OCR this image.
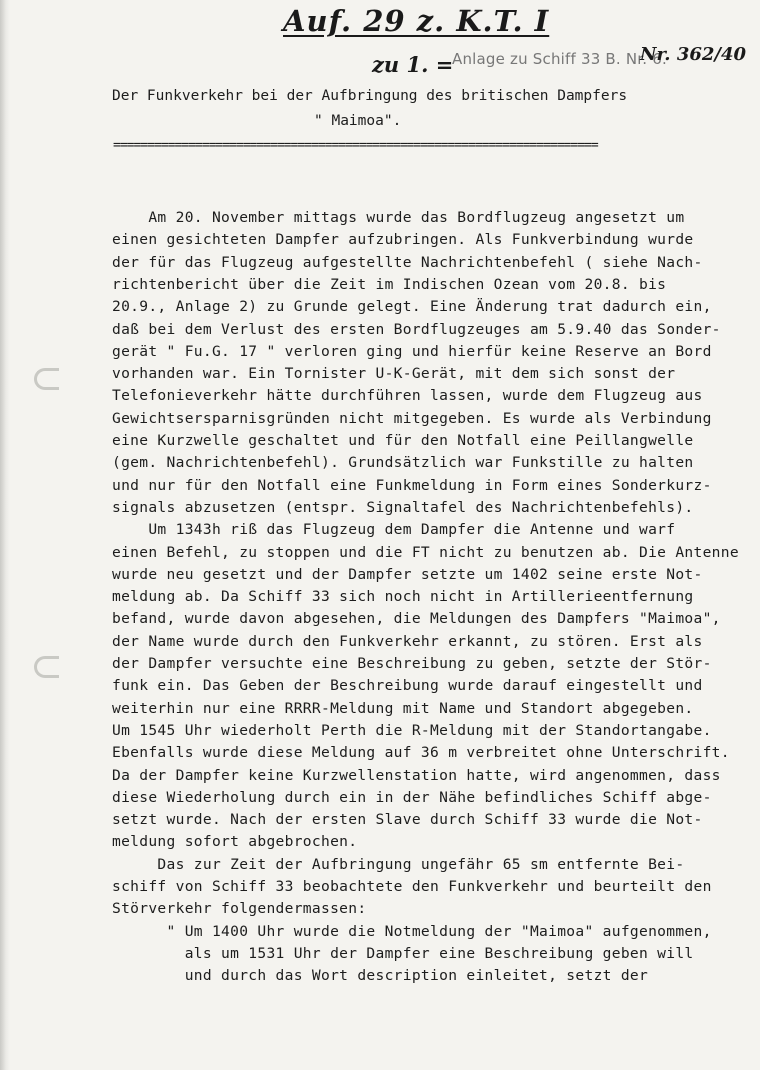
Auf. 29 z. K.T. I
zu 1. =
Anlage zu Schiff 33 B. Nr. 6.
Nr. 362/40
Der Funkverkehr bei der Aufbringung des britischen Dampfers
" Maimoa".
=======================================================================
Am 20. November mittags wurde das Bordflugzeug angesetzt um
einen gesichteten Dampfer aufzubringen. Als Funkverbindung wurde
der für das Flugzeug aufgestellte Nachrichtenbefehl ( siehe Nach-
richtenbericht über die Zeit im Indischen Ozean vom 20.8. bis
20.9., Anlage 2) zu Grunde gelegt. Eine Änderung trat dadurch ein,
daß bei dem Verlust des ersten Bordflugzeuges am 5.9.40 das Sonder-
gerät " Fu.G. 17 " verloren ging und hierfür keine Reserve an Bord
vorhanden war. Ein Tornister U-K-Gerät, mit dem sich sonst der
Telefonieverkehr hätte durchführen lassen, wurde dem Flugzeug aus
Gewichtsersparnisgründen nicht mitgegeben. Es wurde als Verbindung
eine Kurzwelle geschaltet und für den Notfall eine Peillangwelle
(gem. Nachrichtenbefehl). Grundsätzlich war Funkstille zu halten
und nur für den Notfall eine Funkmeldung in Form eines Sonderkurz-
signals abzusetzen (entspr. Signaltafel des Nachrichtenbefehls).
Um 1343h riß das Flugzeug dem Dampfer die Antenne und warf
einen Befehl, zu stoppen und die FT nicht zu benutzen ab. Die Antenne
wurde neu gesetzt und der Dampfer setzte um 1402 seine erste Not-
meldung ab. Da Schiff 33 sich noch nicht in Artillerieentfernung
befand, wurde davon abgesehen, die Meldungen des Dampfers "Maimoa",
der Name wurde durch den Funkverkehr erkannt, zu stören. Erst als
der Dampfer versuchte eine Beschreibung zu geben, setzte der Stör-
funk ein. Das Geben der Beschreibung wurde darauf eingestellt und
weiterhin nur eine RRRR-Meldung mit Name und Standort abgegeben.
Um 1545 Uhr wiederholt Perth die R-Meldung mit der Standortangabe.
Ebenfalls wurde diese Meldung auf 36 m verbreitet ohne Unterschrift.
Da der Dampfer keine Kurzwellenstation hatte, wird angenommen, dass
diese Wiederholung durch ein in der Nähe befindliches Schiff abge-
setzt wurde. Nach der ersten Slave durch Schiff 33 wurde die Not-
meldung sofort abgebrochen.
Das zur Zeit der Aufbringung ungefähr 65 sm entfernte Bei-
schiff von Schiff 33 beobachtete den Funkverkehr und beurteilt den
Störverkehr folgendermassen:
" Um 1400 Uhr wurde die Notmeldung der "Maimoa" aufgenommen,
als um 1531 Uhr der Dampfer eine Beschreibung geben will
und durch das Wort description einleitet, setzt der
